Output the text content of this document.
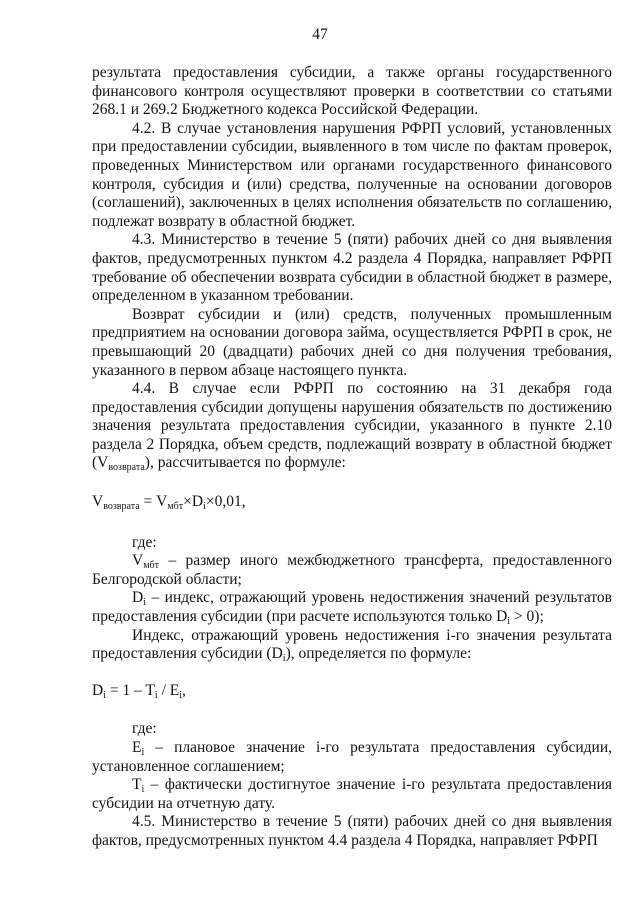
47

результата предоставления субсидии, а также органы государственного финансового контроля осуществляют проверки в соответствии со статьями 268.1 и 269.2 Бюджетного кодекса Российской Федерации.

4.2. В случае установления нарушения РФРП условий, установленных при предоставлении субсидии, выявленного в том числе по фактам проверок, проведенных Министерством или органами государственного финансового контроля, субсидия и (или) средства, полученные на основании договоров (соглашений), заключенных в целях исполнения обязательств по соглашению, подлежат возврату в областной бюджет.

4.3. Министерство в течение 5 (пяти) рабочих дней со дня выявления фактов, предусмотренных пунктом 4.2 раздела 4 Порядка, направляет РФРП требование об обеспечении возврата субсидии в областной бюджет в размере, определенном в указанном требовании.

Возврат субсидии и (или) средств, полученных промышленным предприятием на основании договора займа, осуществляется РФРП в срок, не превышающий 20 (двадцати) рабочих дней со дня получения требования, указанного в первом абзаце настоящего пункта.

4.4. В случае если РФРП по состоянию на 31 декабря года предоставления субсидии допущены нарушения обязательств по достижению значения результата предоставления субсидии, указанного в пункте 2.10 раздела 2 Порядка, объем средств, подлежащий возврату в областной бюджет $(V_{возврата})$, рассчитывается по формуле:

$V_{возврата} = V_{мбт}\times D_i\times 0,01$,

где:

$V_{мбт}$ – размер иного межбюджетного трансферта, предоставленного Белгородской области;

$D_i$ – индекс, отражающий уровень недостижения значений результатов предоставления субсидии (при расчете используются только $D_i > 0$);

Индекс, отражающий уровень недостижения i-го значения результата предоставления субсидии $(D_i)$, определяется по формуле:

$D_i = 1 - T_i / E_i$,

где:

$E_i$ – плановое значение i-го результата предоставления субсидии, установленное соглашением;

$T_i$ – фактически достигнутое значение i-го результата предоставления субсидии на отчетную дату.

4.5. Министерство в течение 5 (пяти) рабочих дней со дня выявления фактов, предусмотренных пунктом 4.4 раздела 4 Порядка, направляет РФРП
